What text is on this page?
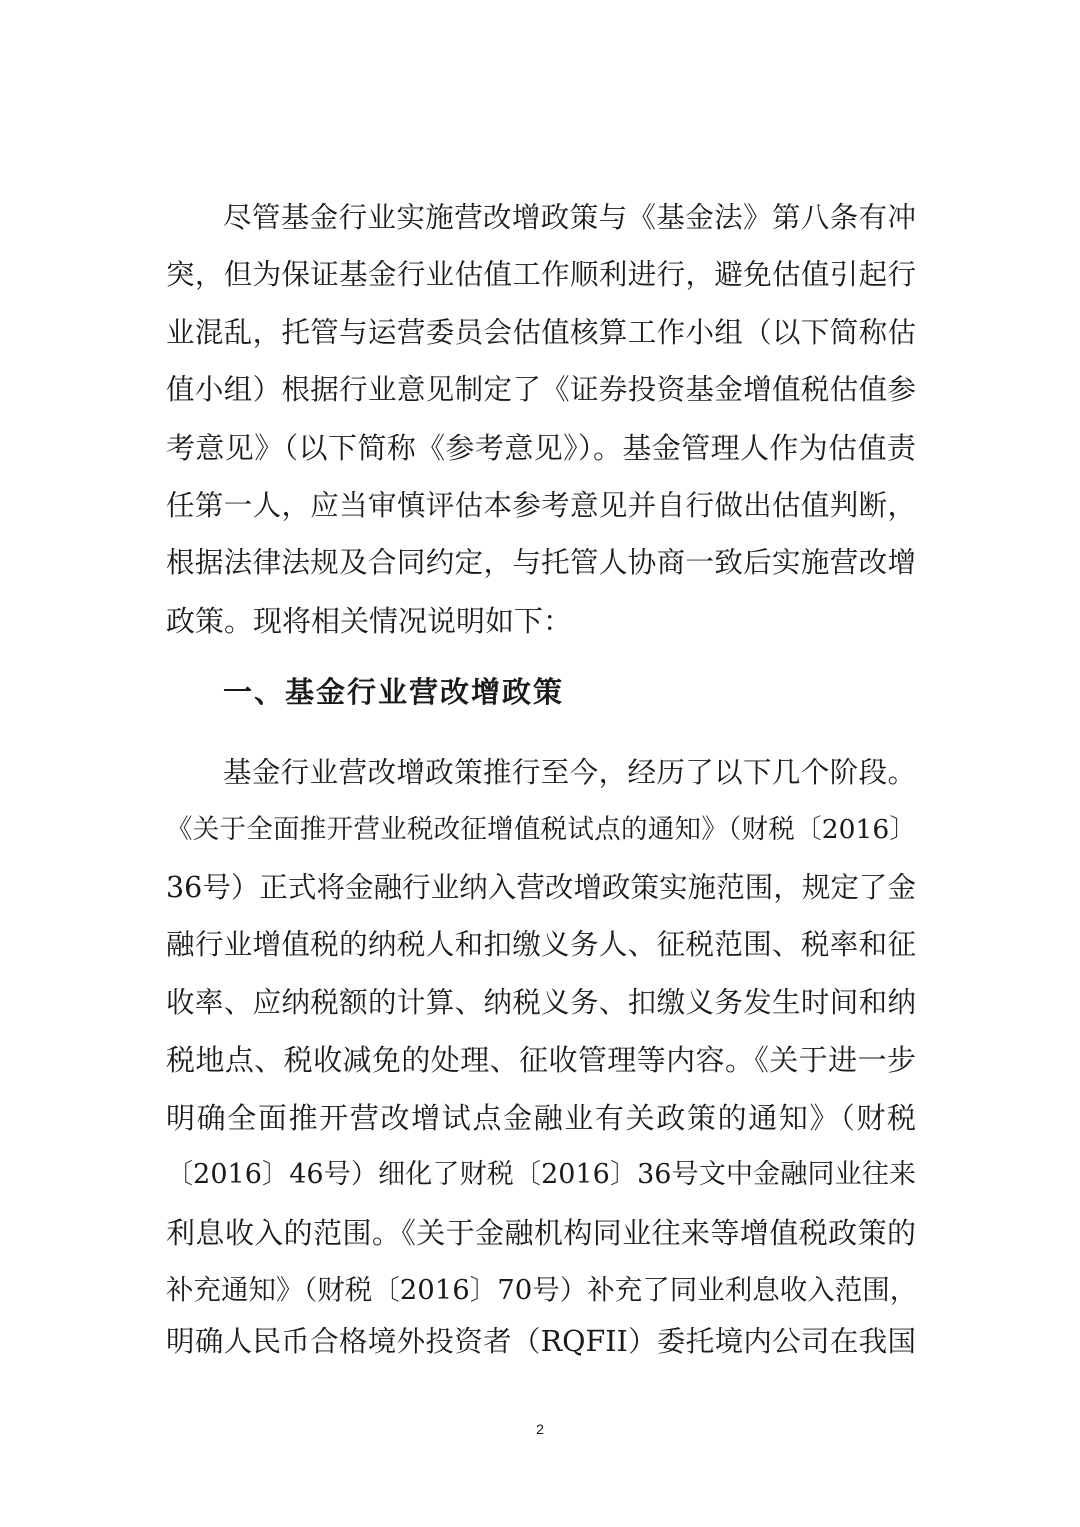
尽管基金行业实施营改增政策与《基金法》第八条有冲
突，但为保证基金行业估值工作顺利进行，避免估值引起行
业混乱，托管与运营委员会估值核算工作小组（以下简称估
值小组）根据行业意见制定了《证券投资基金增值税估值参
考意见》（以下简称《参考意见》）。基金管理人作为估值责
任第一人，应当审慎评估本参考意见并自行做出估值判断，
根据法律法规及合同约定，与托管人协商一致后实施营改增
政策。现将相关情况说明如下：
一、基金行业营改增政策
基金行业营改增政策推行至今，经历了以下几个阶段。
《关于全面推开营业税改征增值税试点的通知》（财税〔2016〕
36号）正式将金融行业纳入营改增政策实施范围，规定了金
融行业增值税的纳税人和扣缴义务人、征税范围、税率和征
收率、应纳税额的计算、纳税义务、扣缴义务发生时间和纳
税地点、税收减免的处理、征收管理等内容。《关于进一步
明确全面推开营改增试点金融业有关政策的通知》（财税
〔2016〕46号）细化了财税〔2016〕36号文中金融同业往来
利息收入的范围。《关于金融机构同业往来等增值税政策的
补充通知》（财税〔2016〕70号）补充了同业利息收入范围，
明确人民币合格境外投资者（RQFII）委托境内公司在我国
2
